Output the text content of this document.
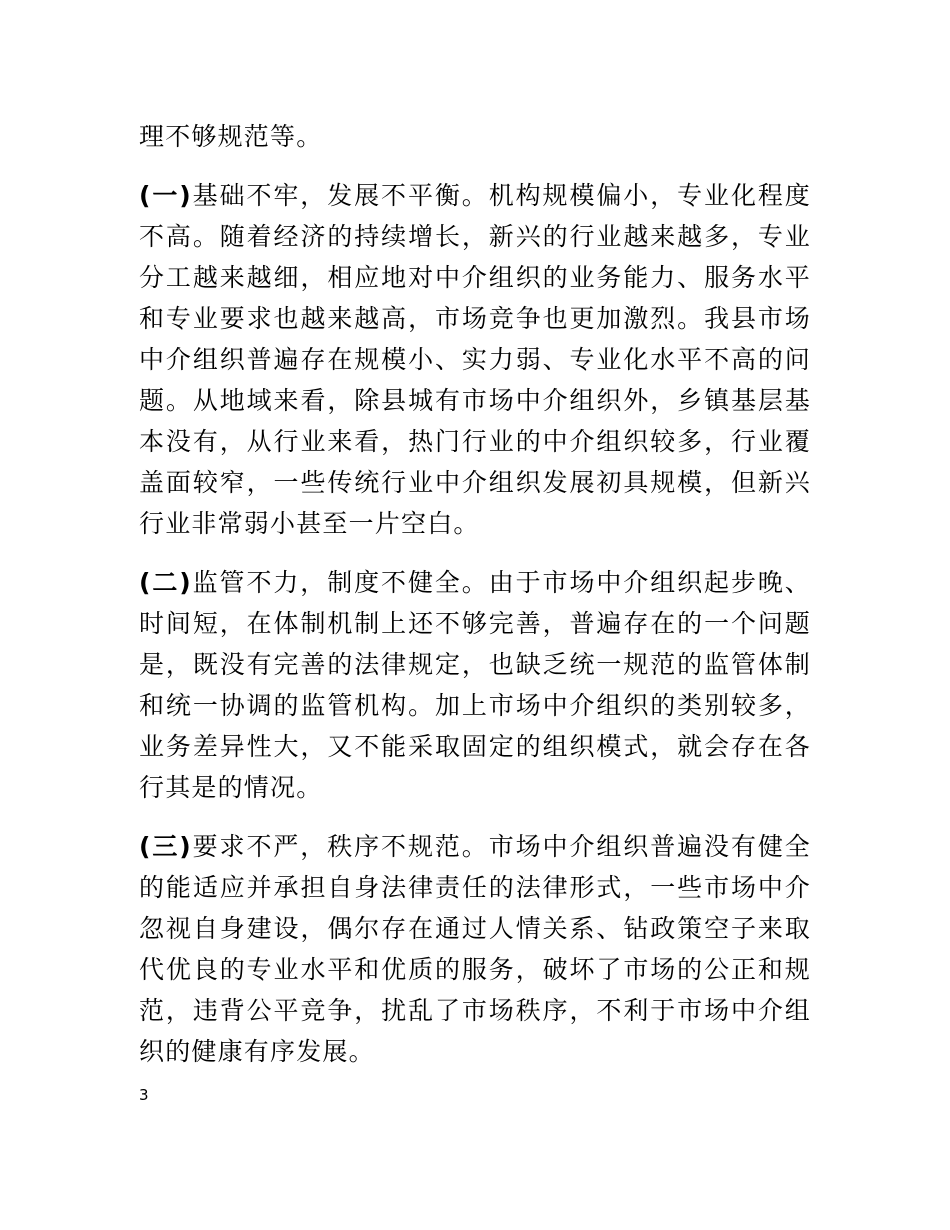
理不够规范等。

(一)基础不牢，发展不平衡。机构规模偏小，专业化程度不高。随着经济的持续增长，新兴的行业越来越多，专业分工越来越细，相应地对中介组织的业务能力、服务水平和专业要求也越来越高，市场竞争也更加激烈。我县市场中介组织普遍存在规模小、实力弱、专业化水平不高的问题。从地域来看，除县城有市场中介组织外，乡镇基层基本没有，从行业来看，热门行业的中介组织较多，行业覆盖面较窄，一些传统行业中介组织发展初具规模，但新兴行业非常弱小甚至一片空白。

(二)监管不力，制度不健全。由于市场中介组织起步晚、时间短，在体制机制上还不够完善，普遍存在的一个问题是，既没有完善的法律规定，也缺乏统一规范的监管体制和统一协调的监管机构。加上市场中介组织的类别较多，业务差异性大，又不能采取固定的组织模式，就会存在各行其是的情况。

(三)要求不严，秩序不规范。市场中介组织普遍没有健全的能适应并承担自身法律责任的法律形式，一些市场中介忽视自身建设，偶尔存在通过人情关系、钻政策空子来取代优良的专业水平和优质的服务，破坏了市场的公正和规范，违背公平竞争，扰乱了市场秩序，不利于市场中介组织的健康有序发展。

3
